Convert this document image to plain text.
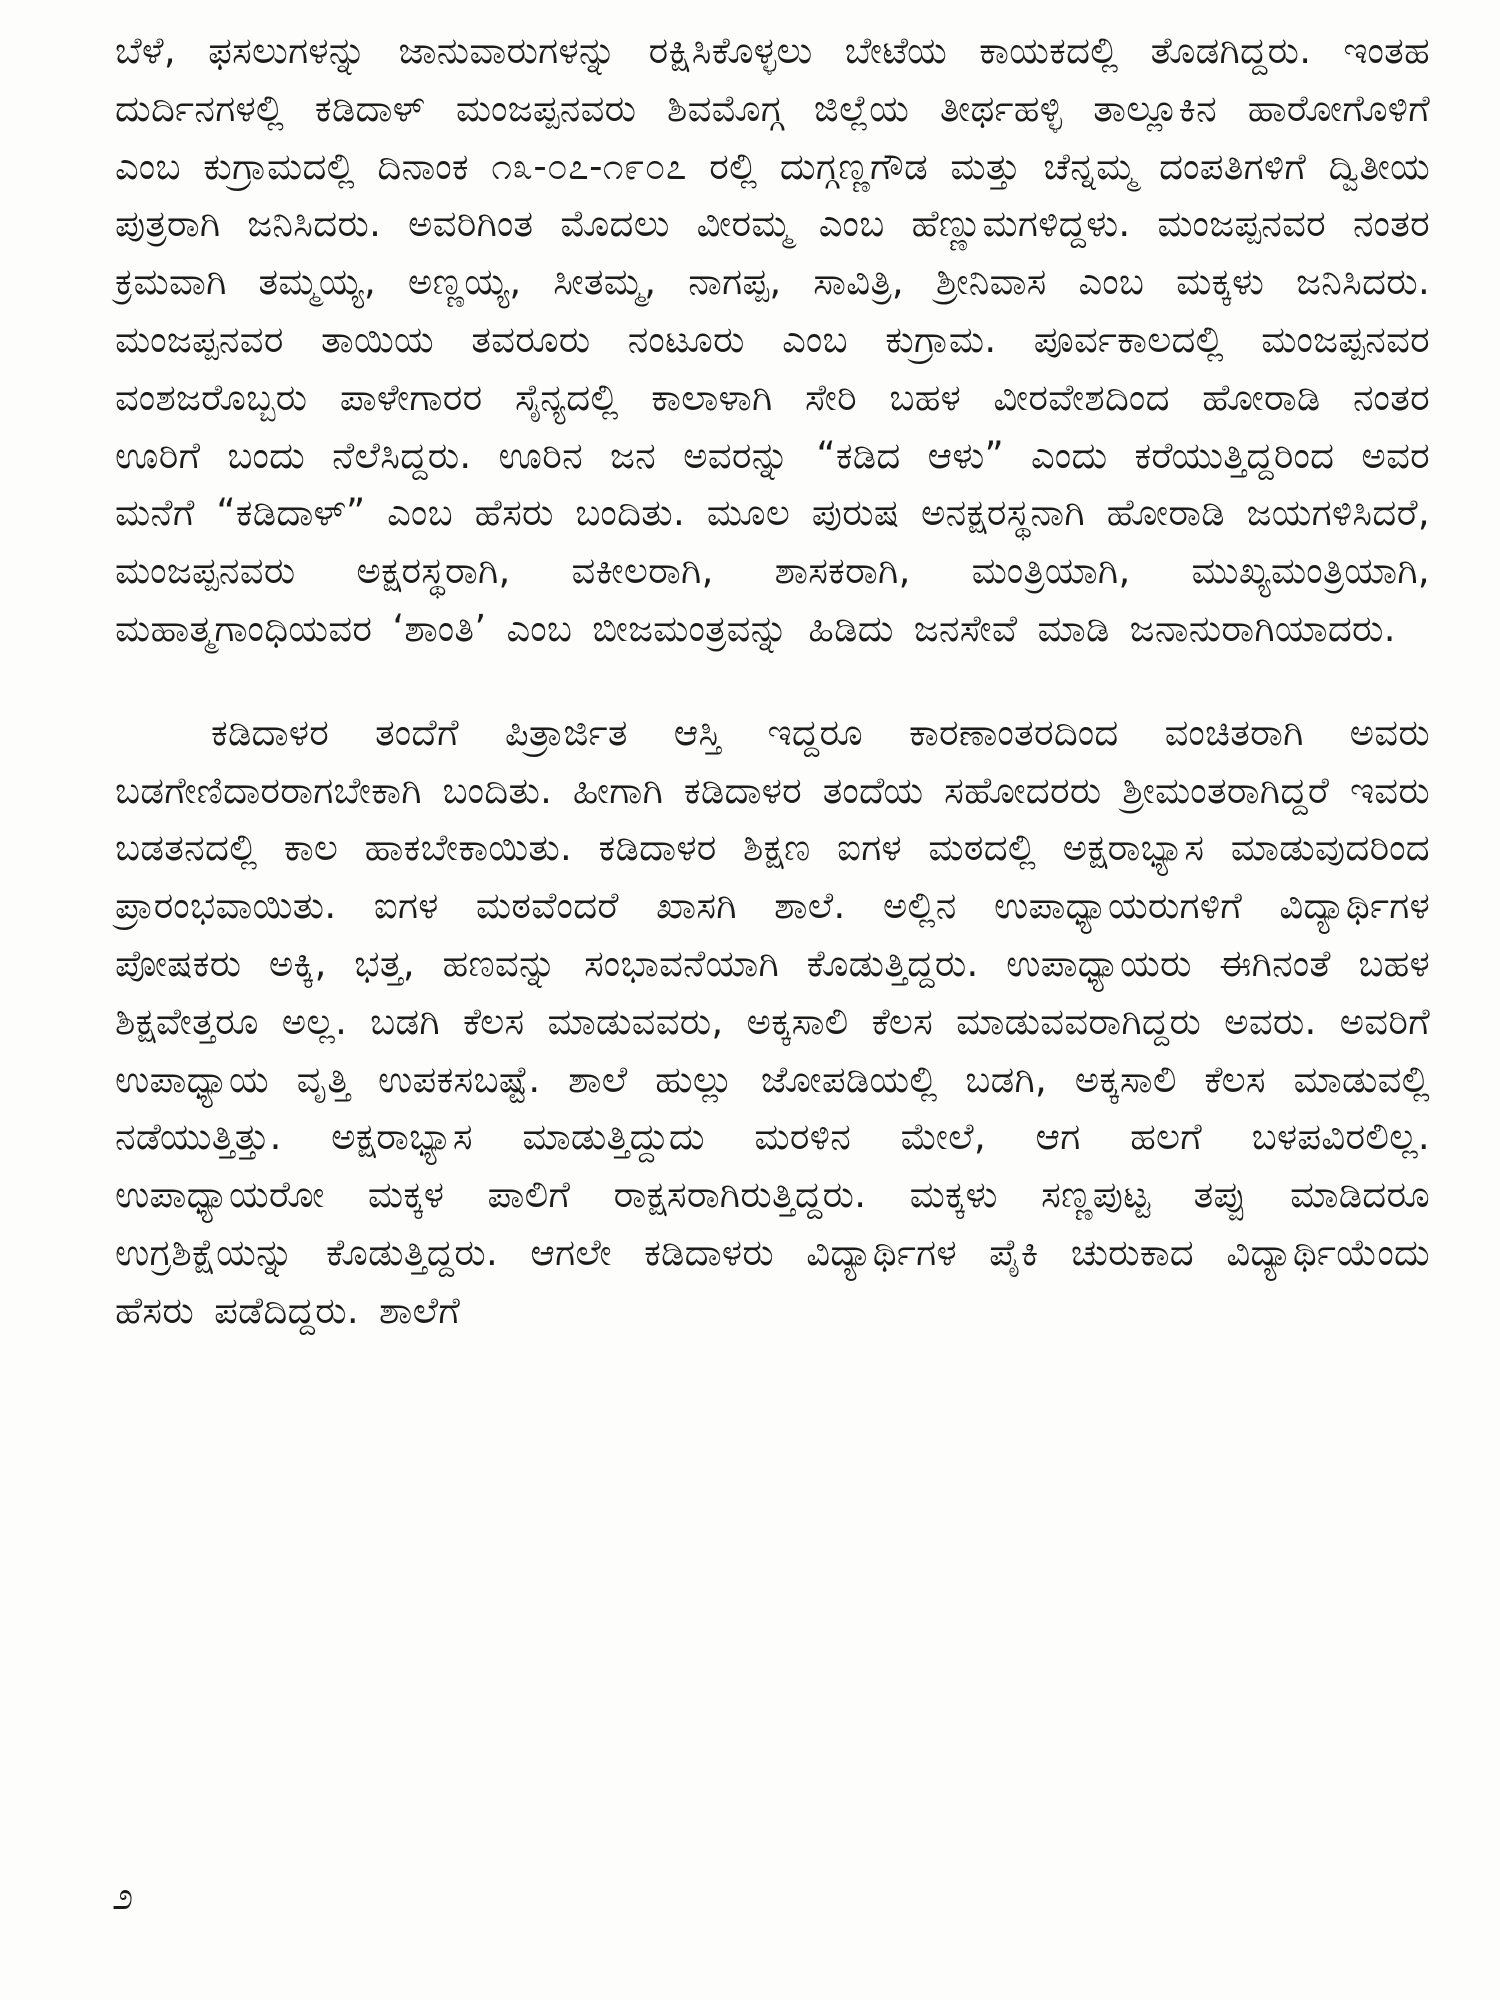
ಬೆಳೆ, ಫಸಲುಗಳನ್ನು ಜಾನುವಾರುಗಳನ್ನು ರಕ್ಷಿಸಿಕೊಳ್ಳಲು ಬೇಟೆಯ ಕಾಯಕದಲ್ಲಿ ತೊಡಗಿದ್ದರು. ಇಂತಹ ದುರ್ದಿನಗಳಲ್ಲಿ ಕಡಿದಾಳ್ ಮಂಜಪ್ಪನವರು ಶಿವಮೊಗ್ಗ ಜಿಲ್ಲೆಯ ತೀರ್ಥಹಳ್ಳಿ ತಾಲ್ಲೂಕಿನ ಹಾರೋಗೊಳಿಗೆ ಎಂಬ ಕುಗ್ರಾಮದಲ್ಲಿ ದಿನಾಂಕ ೧೩-೦೭-೧೯೦೭ ರಲ್ಲಿ ದುಗ್ಗಣ್ಣಗೌಡ ಮತ್ತು ಚೆನ್ನಮ್ಮ ದಂಪತಿಗಳಿಗೆ ದ್ವಿತೀಯ ಪುತ್ರರಾಗಿ ಜನಿಸಿದರು. ಅವರಿಗಿಂತ ಮೊದಲು ವೀರಮ್ಮ ಎಂಬ ಹೆಣ್ಣುಮಗಳಿದ್ದಳು. ಮಂಜಪ್ಪನವರ ನಂತರ ಕ್ರಮವಾಗಿ ತಮ್ಮಯ್ಯ, ಅಣ್ಣಯ್ಯ, ಸೀತಮ್ಮ, ನಾಗಪ್ಪ, ಸಾವಿತ್ರಿ, ಶ್ರೀನಿವಾಸ ಎಂಬ ಮಕ್ಕಳು ಜನಿಸಿದರು. ಮಂಜಪ್ಪನವರ ತಾಯಿಯ ತವರೂರು ನಂಟೂರು ಎಂಬ ಕುಗ್ರಾಮ. ಪೂರ್ವಕಾಲದಲ್ಲಿ ಮಂಜಪ್ಪನವರ ವಂಶಜರೊಬ್ಬರು ಪಾಳೇಗಾರರ ಸೈನ್ಯದಲ್ಲಿ ಕಾಲಾಳಾಗಿ ಸೇರಿ ಬಹಳ ವೀರವೇಶದಿಂದ ಹೋರಾಡಿ ನಂತರ ಊರಿಗೆ ಬಂದು ನೆಲೆಸಿದ್ದರು. ಊರಿನ ಜನ ಅವರನ್ನು “ಕಡಿದ ಆಳು” ಎಂದು ಕರೆಯುತ್ತಿದ್ದರಿಂದ ಅವರ ಮನೆಗೆ “ಕಡಿದಾಳ್” ಎಂಬ ಹೆಸರು ಬಂದಿತು. ಮೂಲ ಪುರುಷ ಅನಕ್ಷರಸ್ಥನಾಗಿ ಹೋರಾಡಿ ಜಯಗಳಿಸಿದರೆ, ಮಂಜಪ್ಪನವರು ಅಕ್ಷರಸ್ಥರಾಗಿ, ವಕೀಲರಾಗಿ, ಶಾಸಕರಾಗಿ, ಮಂತ್ರಿಯಾಗಿ, ಮುಖ್ಯಮಂತ್ರಿಯಾಗಿ, ಮಹಾತ್ಮಗಾಂಧಿಯವರ ‘ಶಾಂತಿ’ ಎಂಬ ಬೀಜಮಂತ್ರವನ್ನು ಹಿಡಿದು ಜನಸೇವೆ ಮಾಡಿ ಜನಾನುರಾಗಿಯಾದರು.

ಕಡಿದಾಳರ ತಂದೆಗೆ ಪಿತ್ರಾರ್ಜಿತ ಆಸ್ತಿ ಇದ್ದರೂ ಕಾರಣಾಂತರದಿಂದ ವಂಚಿತರಾಗಿ ಅವರು ಬಡಗೇಣಿದಾರರಾಗಬೇಕಾಗಿ ಬಂದಿತು. ಹೀಗಾಗಿ ಕಡಿದಾಳರ ತಂದೆಯ ಸಹೋದರರು ಶ್ರೀಮಂತರಾಗಿದ್ದರೆ ಇವರು ಬಡತನದಲ್ಲಿ ಕಾಲ ಹಾಕಬೇಕಾಯಿತು. ಕಡಿದಾಳರ ಶಿಕ್ಷಣ ಐಗಳ ಮಠದಲ್ಲಿ ಅಕ್ಷರಾಭ್ಯಾಸ ಮಾಡುವುದರಿಂದ ಪ್ರಾರಂಭವಾಯಿತು. ಐಗಳ ಮಠವೆಂದರೆ ಖಾಸಗಿ ಶಾಲೆ. ಅಲ್ಲಿನ ಉಪಾಧ್ಯಾಯರುಗಳಿಗೆ ವಿದ್ಯಾರ್ಥಿಗಳ ಪೋಷಕರು ಅಕ್ಕಿ, ಭತ್ತ, ಹಣವನ್ನು ಸಂಭಾವನೆಯಾಗಿ ಕೊಡುತ್ತಿದ್ದರು. ಉಪಾಧ್ಯಾಯರು ಈಗಿನಂತೆ ಬಹಳ ಶಿಕ್ಷವೇತ್ತರೂ ಅಲ್ಲ. ಬಡಗಿ ಕೆಲಸ ಮಾಡುವವರು, ಅಕ್ಕಸಾಲಿ ಕೆಲಸ ಮಾಡುವವರಾಗಿದ್ದರು ಅವರು. ಅವರಿಗೆ ಉಪಾಧ್ಯಾಯ ವೃತ್ತಿ ಉಪಕಸಬಷ್ಟೆ. ಶಾಲೆ ಹುಲ್ಲು ಜೋಪಡಿಯಲ್ಲಿ ಬಡಗಿ, ಅಕ್ಕಸಾಲಿ ಕೆಲಸ ಮಾಡುವಲ್ಲಿ ನಡೆಯುತ್ತಿತ್ತು. ಅಕ್ಷರಾಭ್ಯಾಸ ಮಾಡುತ್ತಿದ್ದುದು ಮರಳಿನ ಮೇಲೆ, ಆಗ ಹಲಗೆ ಬಳಪವಿರಲಿಲ್ಲ. ಉಪಾಧ್ಯಾಯರೋ ಮಕ್ಕಳ ಪಾಲಿಗೆ ರಾಕ್ಷಸರಾಗಿರುತ್ತಿದ್ದರು. ಮಕ್ಕಳು ಸಣ್ಣಪುಟ್ಟ ತಪ್ಪು ಮಾಡಿದರೂ ಉಗ್ರಶಿಕ್ಷೆಯನ್ನು ಕೊಡುತ್ತಿದ್ದರು. ಆಗಲೇ ಕಡಿದಾಳರು ವಿದ್ಯಾರ್ಥಿಗಳ ಪೈಕಿ ಚುರುಕಾದ ವಿದ್ಯಾರ್ಥಿಯೆಂದು ಹೆಸರು ಪಡೆದಿದ್ದರು. ಶಾಲೆಗೆ

೨
